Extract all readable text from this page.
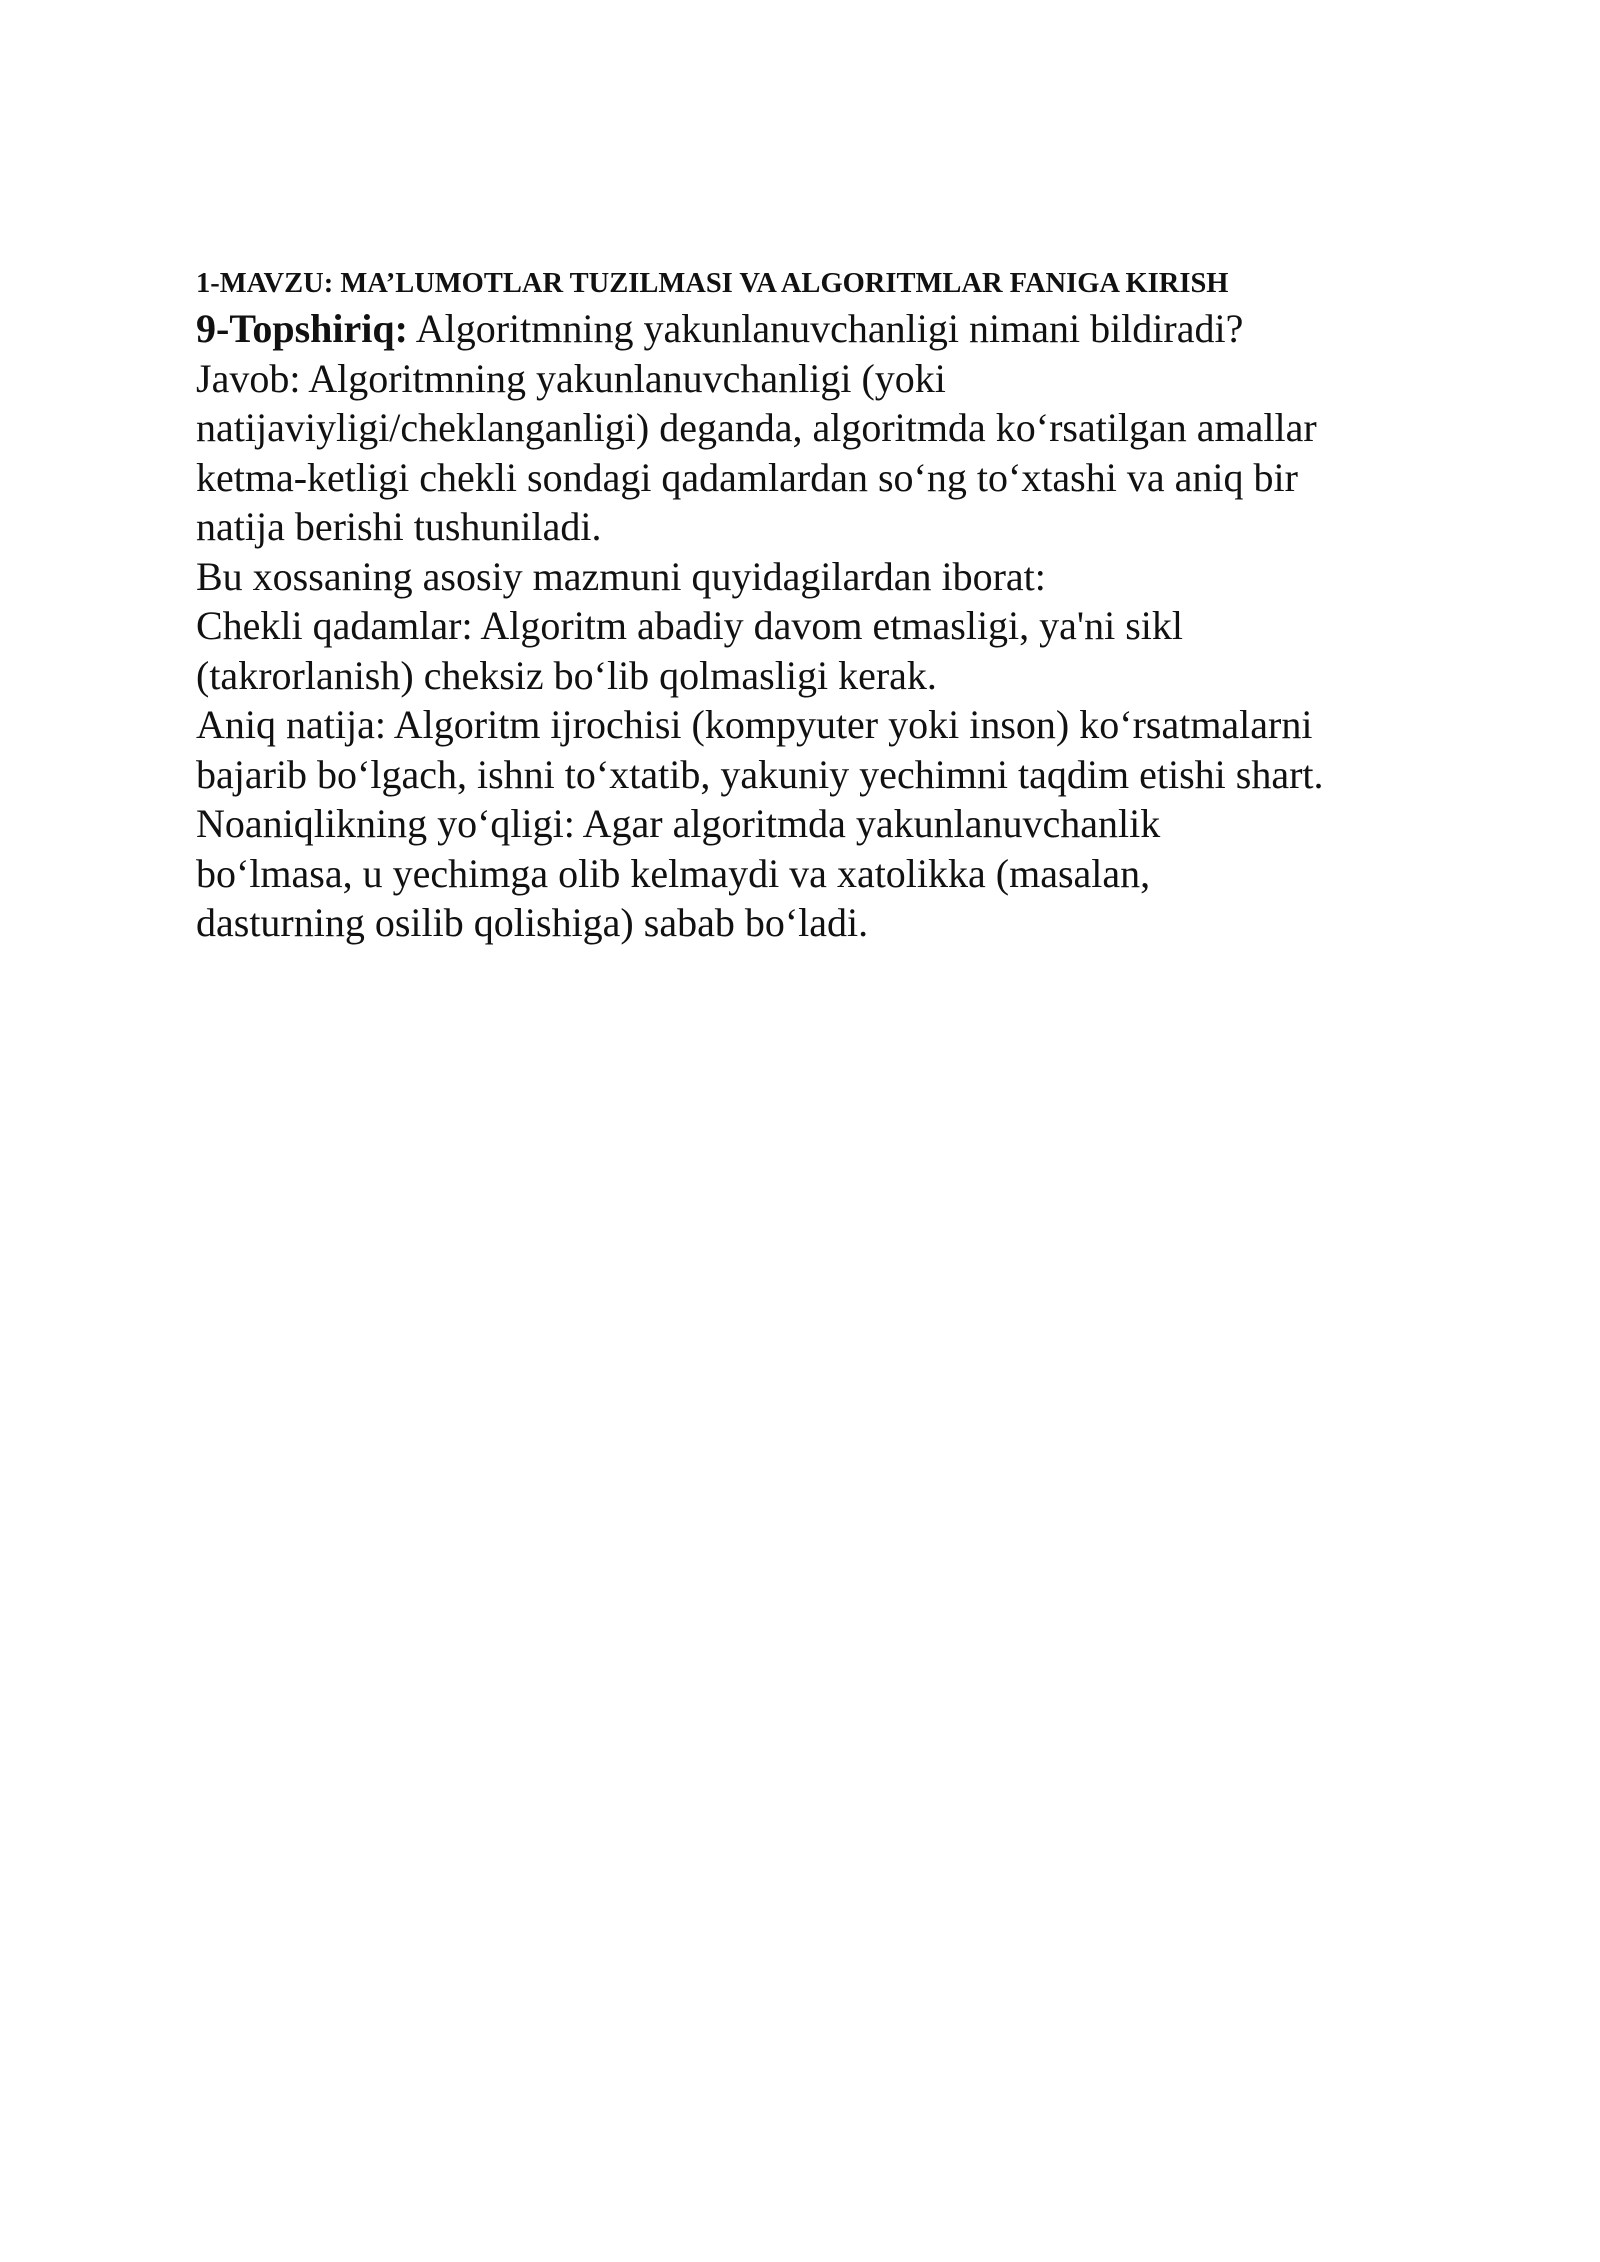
1-MAVZU: MA’LUMOTLAR TUZILMASI VA ALGORITMLAR FANIGA KIRISH

9-Topshiriq: Algoritmning yakunlanuvchanligi nimani bildiradi?

Javob: Algoritmning yakunlanuvchanligi (yoki
natijaviyligi/cheklanganligi) deganda, algoritmda ko‘rsatilgan amallar
ketma-ketligi chekli sondagi qadamlardan so‘ng to‘xtashi va aniq bir
natija berishi tushuniladi.

Bu xossaning asosiy mazmuni quyidagilardan iborat:

Chekli qadamlar: Algoritm abadiy davom etmasligi, ya'ni sikl
(takrorlanish) cheksiz bo‘lib qolmasligi kerak.

Aniq natija: Algoritm ijrochisi (kompyuter yoki inson) ko‘rsatmalarni
bajarib bo‘lgach, ishni to‘xtatib, yakuniy yechimni taqdim etishi shart.

Noaniqlikning yo‘qligi: Agar algoritmda yakunlanuvchanlik
bo‘lmasa, u yechimga olib kelmaydi va xatolikka (masalan,
dasturning osilib qolishiga) sabab bo‘ladi.
